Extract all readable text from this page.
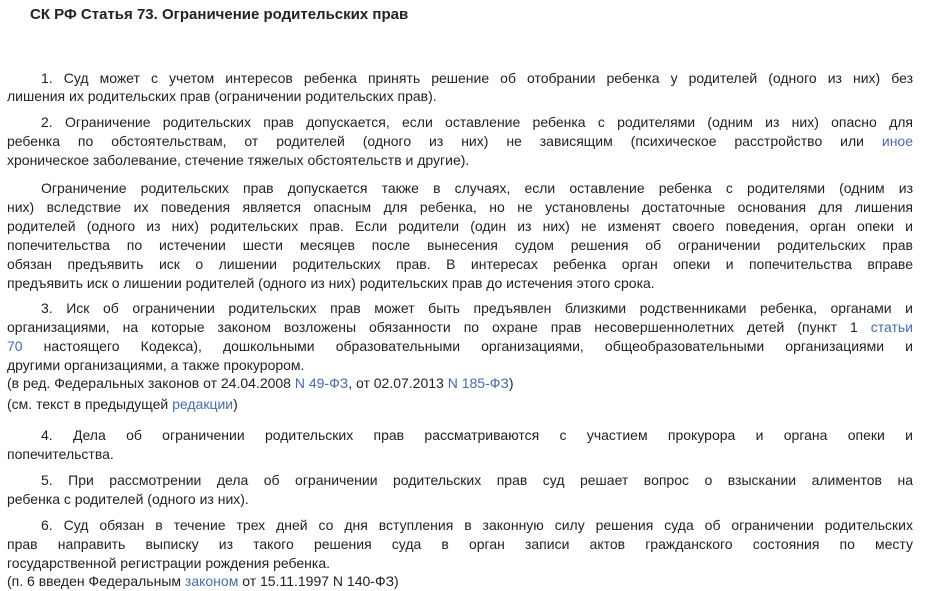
СК РФ Статья 73. Ограничение родительских прав
1. Суд может с учетом интересов ребенка принять решение об отобрании ребенка у родителей (одного из них) без
лишения их родительских прав (ограничении родительских прав).
2. Ограничение родительских прав допускается, если оставление ребенка с родителями (одним из них) опасно для
ребенка по обстоятельствам, от родителей (одного из них) не зависящим (психическое расстройство или иное
хроническое заболевание, стечение тяжелых обстоятельств и другие).
Ограничение родительских прав допускается также в случаях, если оставление ребенка с родителями (одним из
них) вследствие их поведения является опасным для ребенка, но не установлены достаточные основания для лишения
родителей (одного из них) родительских прав. Если родители (один из них) не изменят своего поведения, орган опеки и
попечительства по истечении шести месяцев после вынесения судом решения об ограничении родительских прав
обязан предъявить иск о лишении родительских прав. В интересах ребенка орган опеки и попечительства вправе
предъявить иск о лишении родителей (одного из них) родительских прав до истечения этого срока.
3. Иск об ограничении родительских прав может быть предъявлен близкими родственниками ребенка, органами и
организациями, на которые законом возложены обязанности по охране прав несовершеннолетних детей (пункт 1 статьи
70 настоящего Кодекса), дошкольными образовательными организациями, общеобразовательными организациями и
другими организациями, а также прокурором.
(в ред. Федеральных законов от 24.04.2008 N 49-ФЗ, от 02.07.2013 N 185-ФЗ)
(см. текст в предыдущей редакции)
4. Дела об ограничении родительских прав рассматриваются с участием прокурора и органа опеки и
попечительства.
5. При рассмотрении дела об ограничении родительских прав суд решает вопрос о взыскании алиментов на
ребенка с родителей (одного из них).
6. Суд обязан в течение трех дней со дня вступления в законную силу решения суда об ограничении родительских
прав направить выписку из такого решения суда в орган записи актов гражданского состояния по месту
государственной регистрации рождения ребенка.
(п. 6 введен Федеральным законом от 15.11.1997 N 140-ФЗ)
